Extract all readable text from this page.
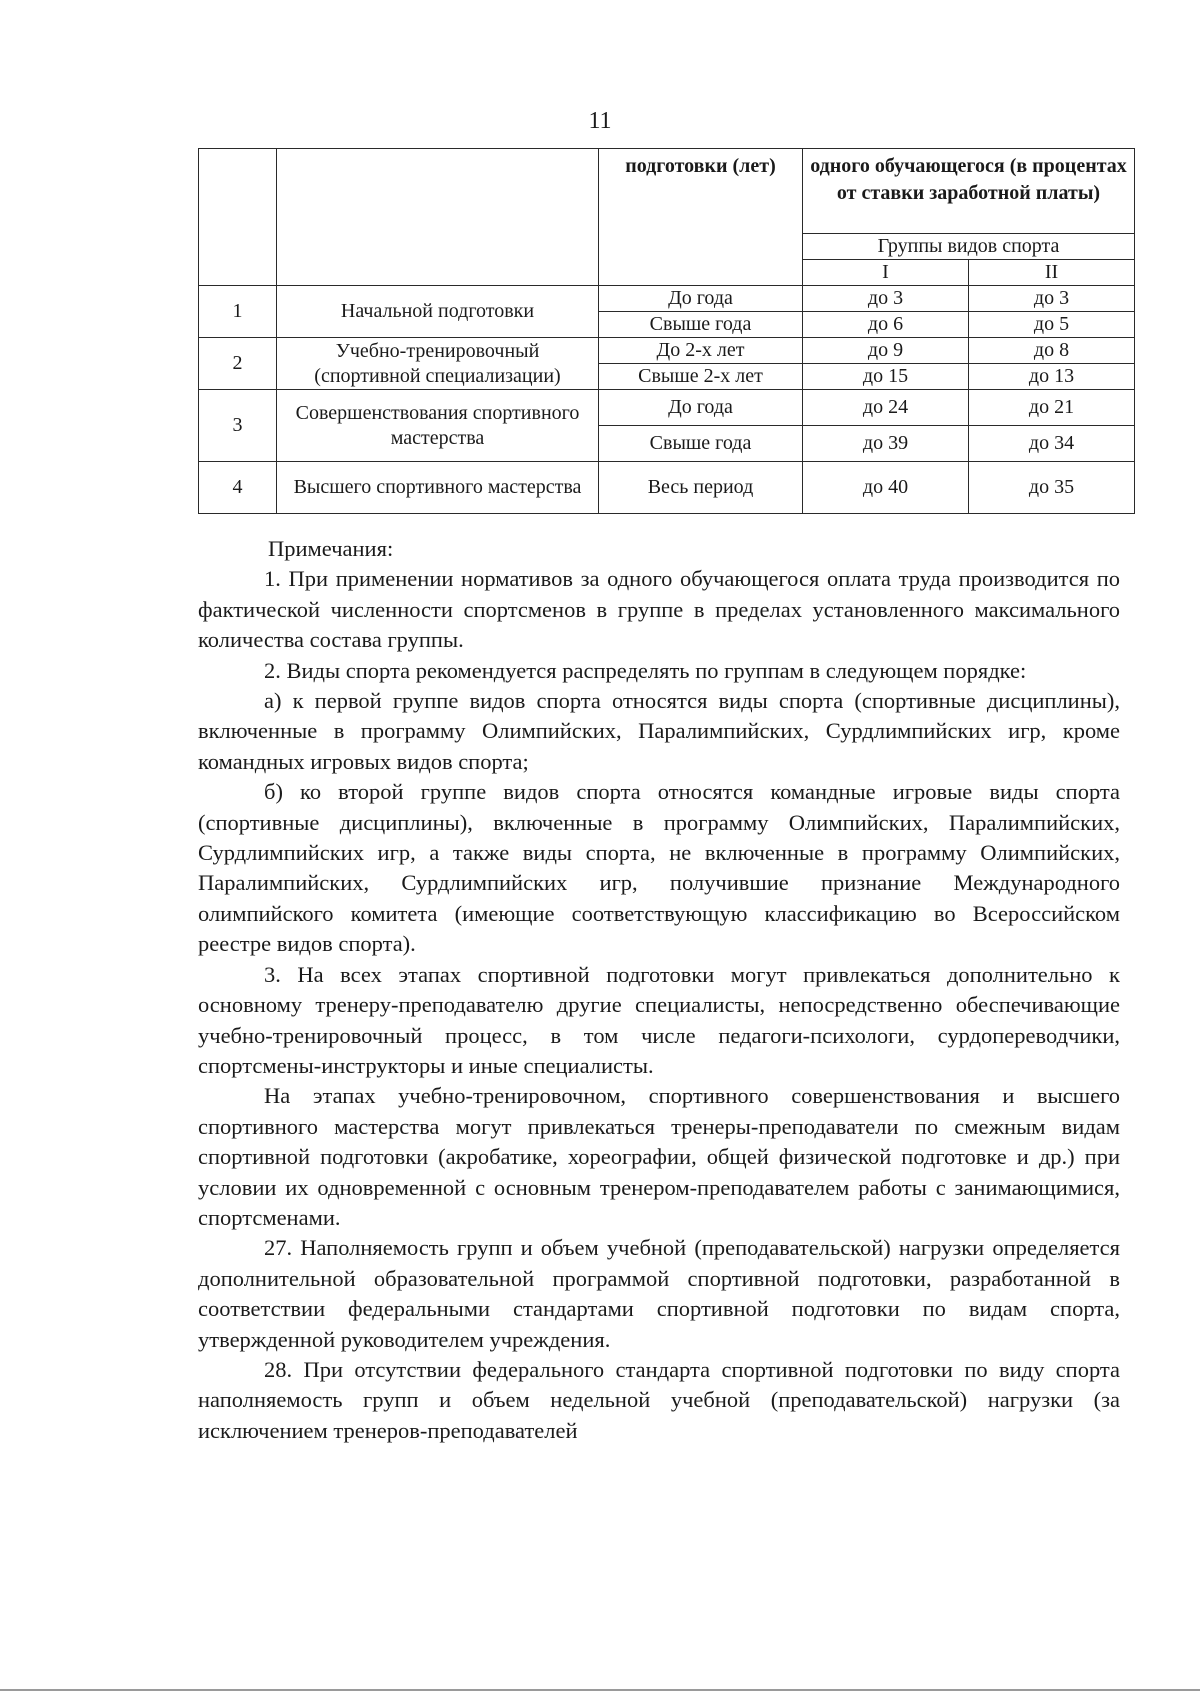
11
		подготовки (лет)	одного обучающегося (в процентах от ставки заработной платы)	
			Группы видов спорта	
			I	II
1	Начальной подготовки	До года	до 3	до 3
		Свыше года	до 6	до 5
2	Учебно-тренировочный (спортивной специализации)	До 2-х лет	до 9	до 8
		Свыше 2-х лет	до 15	до 13
3	Совершенствования спортивного мастерства	До года	до 24	до 21
		Свыше года	до 39	до 34
4	Высшего спортивного мастерства	Весь период	до 40	до 35

Примечания:

1. При применении нормативов за одного обучающегося оплата труда производится по фактической численности спортсменов в группе в пределах установленного максимального количества состава группы.

2. Виды спорта рекомендуется распределять по группам в следующем порядке:

а) к первой группе видов спорта относятся виды спорта (спортивные дисциплины), включенные в программу Олимпийских, Паралимпийских, Сурдлимпийских игр, кроме командных игровых видов спорта;

б) ко второй группе видов спорта относятся командные игровые виды спорта (спортивные дисциплины), включенные в программу Олимпийских, Паралимпийских, Сурдлимпийских игр, а также виды спорта, не включенные в программу Олимпийских, Паралимпийских, Сурдлимпийских игр, получившие признание Международного олимпийского комитета (имеющие соответствующую классификацию во Всероссийском реестре видов спорта).

3. На всех этапах спортивной подготовки могут привлекаться дополнительно к основному тренеру-преподавателю другие специалисты, непосредственно обеспечивающие учебно-тренировочный процесс, в том числе педагоги-психологи, сурдопереводчики, спортсмены-инструкторы и иные специалисты.

На этапах учебно-тренировочном, спортивного совершенствования и высшего спортивного мастерства могут привлекаться тренеры-преподаватели по смежным видам спортивной подготовки (акробатике, хореографии, общей физической подготовке и др.) при условии их одновременной с основным тренером-преподавателем работы с занимающимися, спортсменами.

27. Наполняемость групп и объем учебной (преподавательской) нагрузки определяется дополнительной образовательной программой спортивной подготовки, разработанной в соответствии федеральными стандартами спортивной подготовки по видам спорта, утвержденной руководителем учреждения.

28. При отсутствии федерального стандарта спортивной подготовки по виду спорта наполняемость групп и объем недельной учебной (преподавательской) нагрузки (за исключением тренеров-преподавателей
